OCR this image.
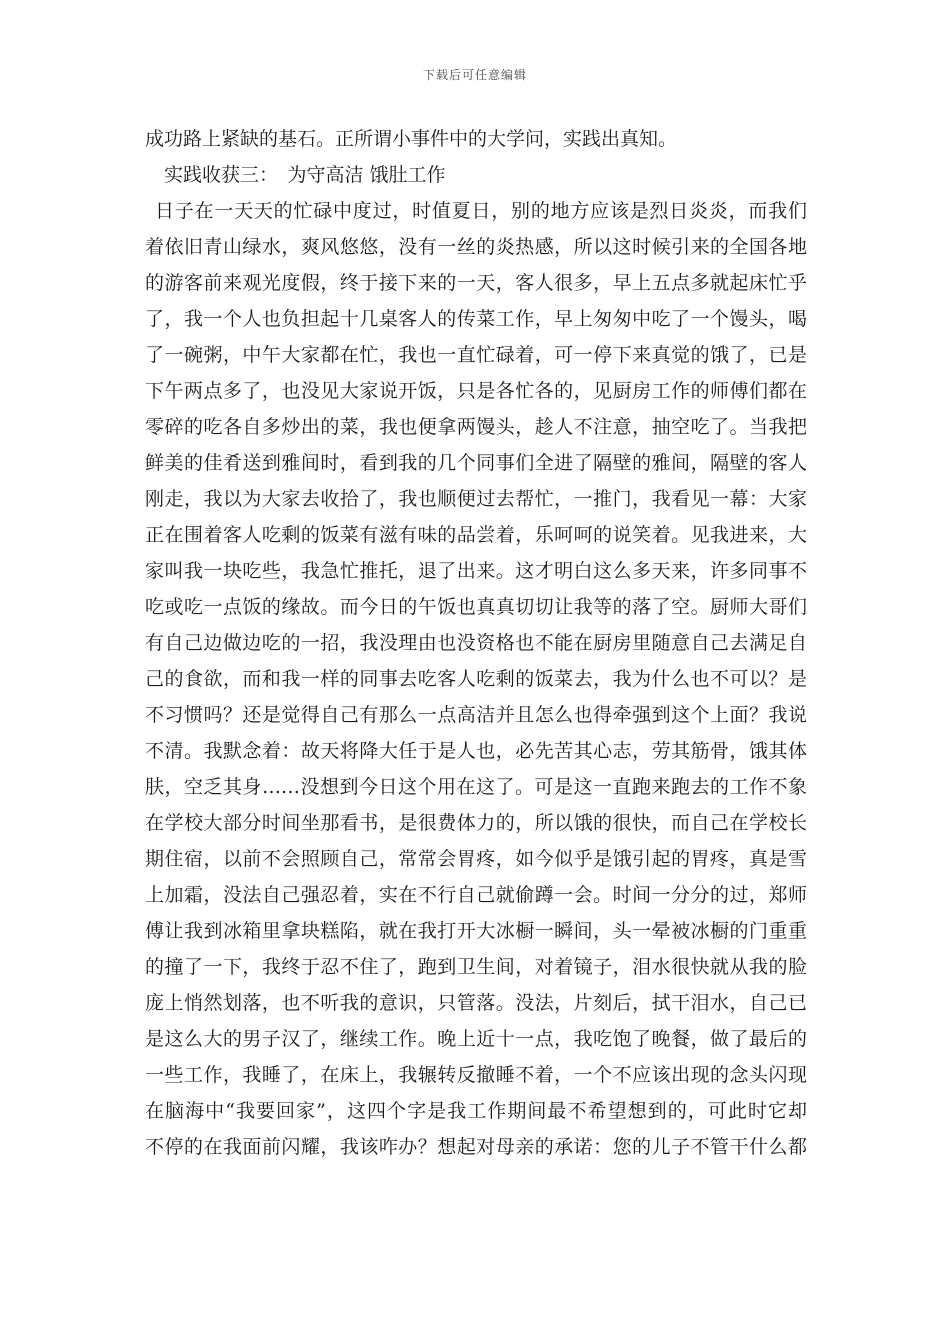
下载后可任意编辑
成功路上紧缺的基石。正所谓小事件中的大学问，实践出真知。
实践收获三：　为守高洁 饿肚工作
日子在一天天的忙碌中度过，时值夏日，别的地方应该是烈日炎炎，而我们
着依旧青山绿水，爽风悠悠，没有一丝的炎热感，所以这时候引来的全国各地
的游客前来观光度假，终于接下来的一天，客人很多，早上五点多就起床忙乎
了，我一个人也负担起十几桌客人的传菜工作，早上匆匆中吃了一个馒头，喝
了一碗粥，中午大家都在忙，我也一直忙碌着，可一停下来真觉的饿了，已是
下午两点多了，也没见大家说开饭，只是各忙各的，见厨房工作的师傅们都在
零碎的吃各自多炒出的菜，我也便拿两馒头，趁人不注意，抽空吃了。当我把
鲜美的佳肴送到雅间时，看到我的几个同事们全进了隔壁的雅间，隔壁的客人
刚走，我以为大家去收拾了，我也顺便过去帮忙，一推门，我看见一幕：大家
正在围着客人吃剩的饭菜有滋有味的品尝着，乐呵呵的说笑着。见我进来，大
家叫我一块吃些，我急忙推托，退了出来。这才明白这么多天来，许多同事不
吃或吃一点饭的缘故。而今日的午饭也真真切切让我等的落了空。厨师大哥们
有自己边做边吃的一招，我没理由也没资格也不能在厨房里随意自己去满足自
己的食欲，而和我一样的同事去吃客人吃剩的饭菜去，我为什么也不可以？是
不习惯吗？还是觉得自己有那么一点高洁并且怎么也得牵强到这个上面？我说
不清。我默念着：故天将降大任于是人也，必先苦其心志，劳其筋骨，饿其体
肤，空乏其身……没想到今日这个用在这了。可是这一直跑来跑去的工作不象
在学校大部分时间坐那看书，是很费体力的，所以饿的很快，而自己在学校长
期住宿，以前不会照顾自己，常常会胃疼，如今似乎是饿引起的胃疼，真是雪
上加霜，没法自己强忍着，实在不行自己就偷蹲一会。时间一分分的过，郑师
傅让我到冰箱里拿块糕陷，就在我打开大冰橱一瞬间，头一晕被冰橱的门重重
的撞了一下，我终于忍不住了，跑到卫生间，对着镜子，泪水很快就从我的脸
庞上悄然划落，也不听我的意识，只管落。没法，片刻后，拭干泪水，自己已
是这么大的男子汉了，继续工作。晚上近十一点，我吃饱了晚餐，做了最后的
一些工作，我睡了，在床上，我辗转反撤睡不着，一个不应该出现的念头闪现
在脑海中“我要回家”，这四个字是我工作期间最不希望想到的，可此时它却
不停的在我面前闪耀，我该咋办？想起对母亲的承诺：您的儿子不管干什么都
